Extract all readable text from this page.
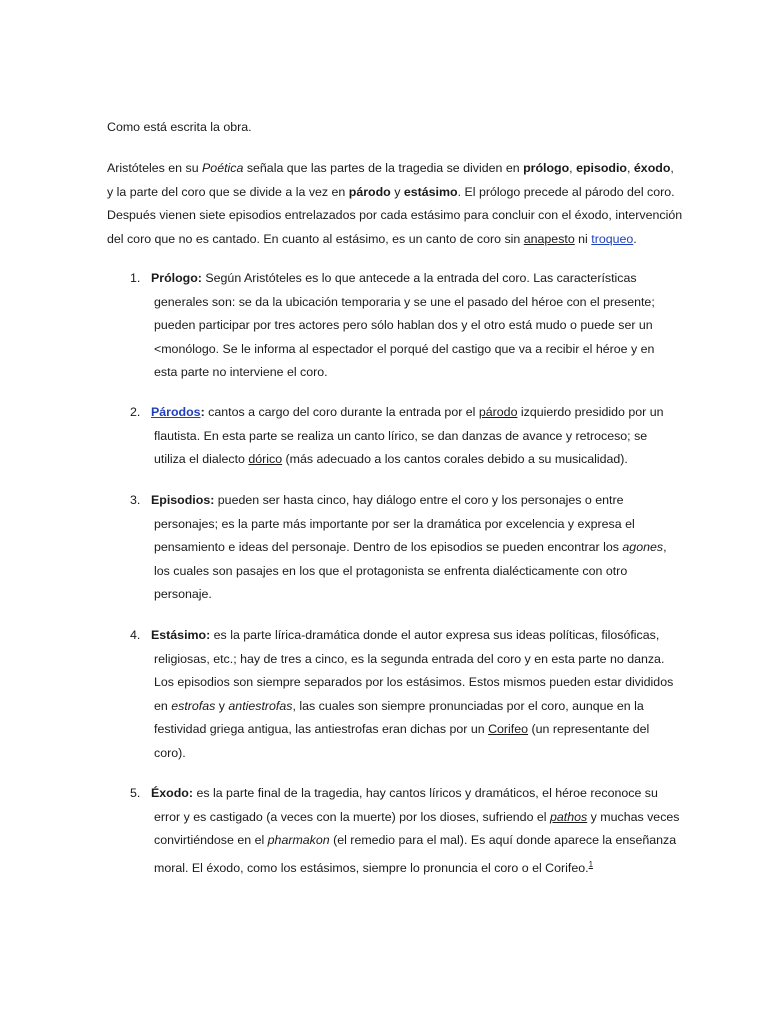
Como está escrita la obra.
Aristóteles en su Poética señala que las partes de la tragedia se dividen en prólogo, episodio, éxodo,
y la parte del coro que se divide a la vez en párodo y estásimo. El prólogo precede al párodo del coro.
Después vienen siete episodios entrelazados por cada estásimo para concluir con el éxodo, intervención
del coro que no es cantado. En cuanto al estásimo, es un canto de coro sin anapesto ni troqueo.
1. Prólogo: Según Aristóteles es lo que antecede a la entrada del coro. Las características
generales son: se da la ubicación temporaria y se une el pasado del héroe con el presente;
pueden participar por tres actores pero sólo hablan dos y el otro está mudo o puede ser un
<monólogo. Se le informa al espectador el porqué del castigo que va a recibir el héroe y en
esta parte no interviene el coro.
2. Párodos: cantos a cargo del coro durante la entrada por el párodo izquierdo presidido por un
flautista. En esta parte se realiza un canto lírico, se dan danzas de avance y retroceso; se
utiliza el dialecto dórico (más adecuado a los cantos corales debido a su musicalidad).
3. Episodios: pueden ser hasta cinco, hay diálogo entre el coro y los personajes o entre
personajes; es la parte más importante por ser la dramática por excelencia y expresa el
pensamiento e ideas del personaje. Dentro de los episodios se pueden encontrar los agones,
los cuales son pasajes en los que el protagonista se enfrenta dialécticamente con otro
personaje.
4. Estásimo: es la parte lírica-dramática donde el autor expresa sus ideas políticas, filosóficas,
religiosas, etc.; hay de tres a cinco, es la segunda entrada del coro y en esta parte no danza.
Los episodios son siempre separados por los estásimos. Estos mismos pueden estar divididos
en estrofas y antiestrofas, las cuales son siempre pronunciadas por el coro, aunque en la
festividad griega antigua, las antiestrofas eran dichas por un Corifeo (un representante del
coro).
5. Éxodo: es la parte final de la tragedia, hay cantos líricos y dramáticos, el héroe reconoce su
error y es castigado (a veces con la muerte) por los dioses, sufriendo el pathos y muchas veces
convirtiéndose en el pharmakon (el remedio para el mal). Es aquí donde aparece la enseñanza
moral. El éxodo, como los estásimos, siempre lo pronuncia el coro o el Corifeo.$^1$
